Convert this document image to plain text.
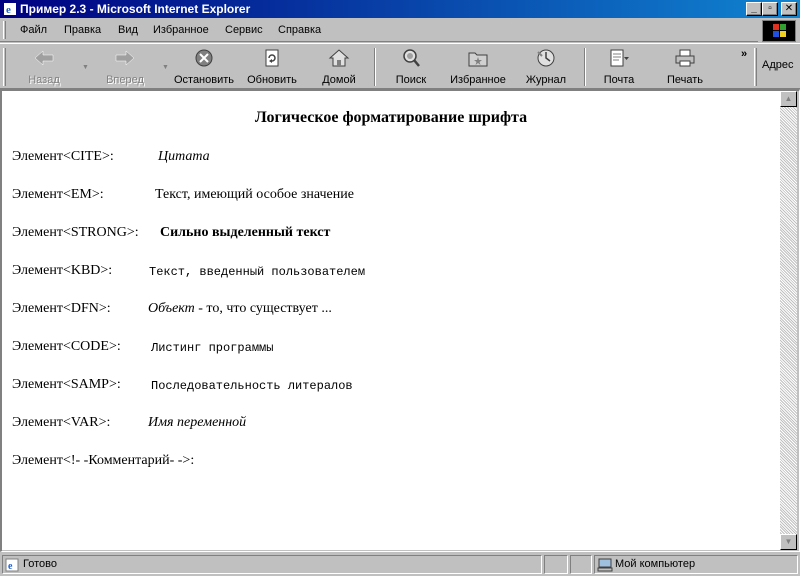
e Пример 2.3 - Microsoft Internet Explorer	_	▫	✕
Файл Правка Вид Избранное Сервис Справка
Назад
▼
Вперед
▼
Остановить Обновить	Домой	Поиск	Избранное	Журнал	Почта	Печать
»
Адрес
Логическое форматирование шрифта
Элемент<CITE>:	Цитата
Элемент<EM>:	Текст, имеющий особое значение
Элемент<STRONG>: Сильно выделенный текст
Элемент<KBD>:	Текст, введенный пользователем
Элемент<DFN>:	Объект - то, что существует ...
Элемент<CODE>:	Листинг программы
Элемент<SAMP>:	Последовательность литералов
Элемент<VAR>:	Имя переменной
Элемент<!- -Комментарий- ->:
▲
▼
e Готово	Мой компьютер
